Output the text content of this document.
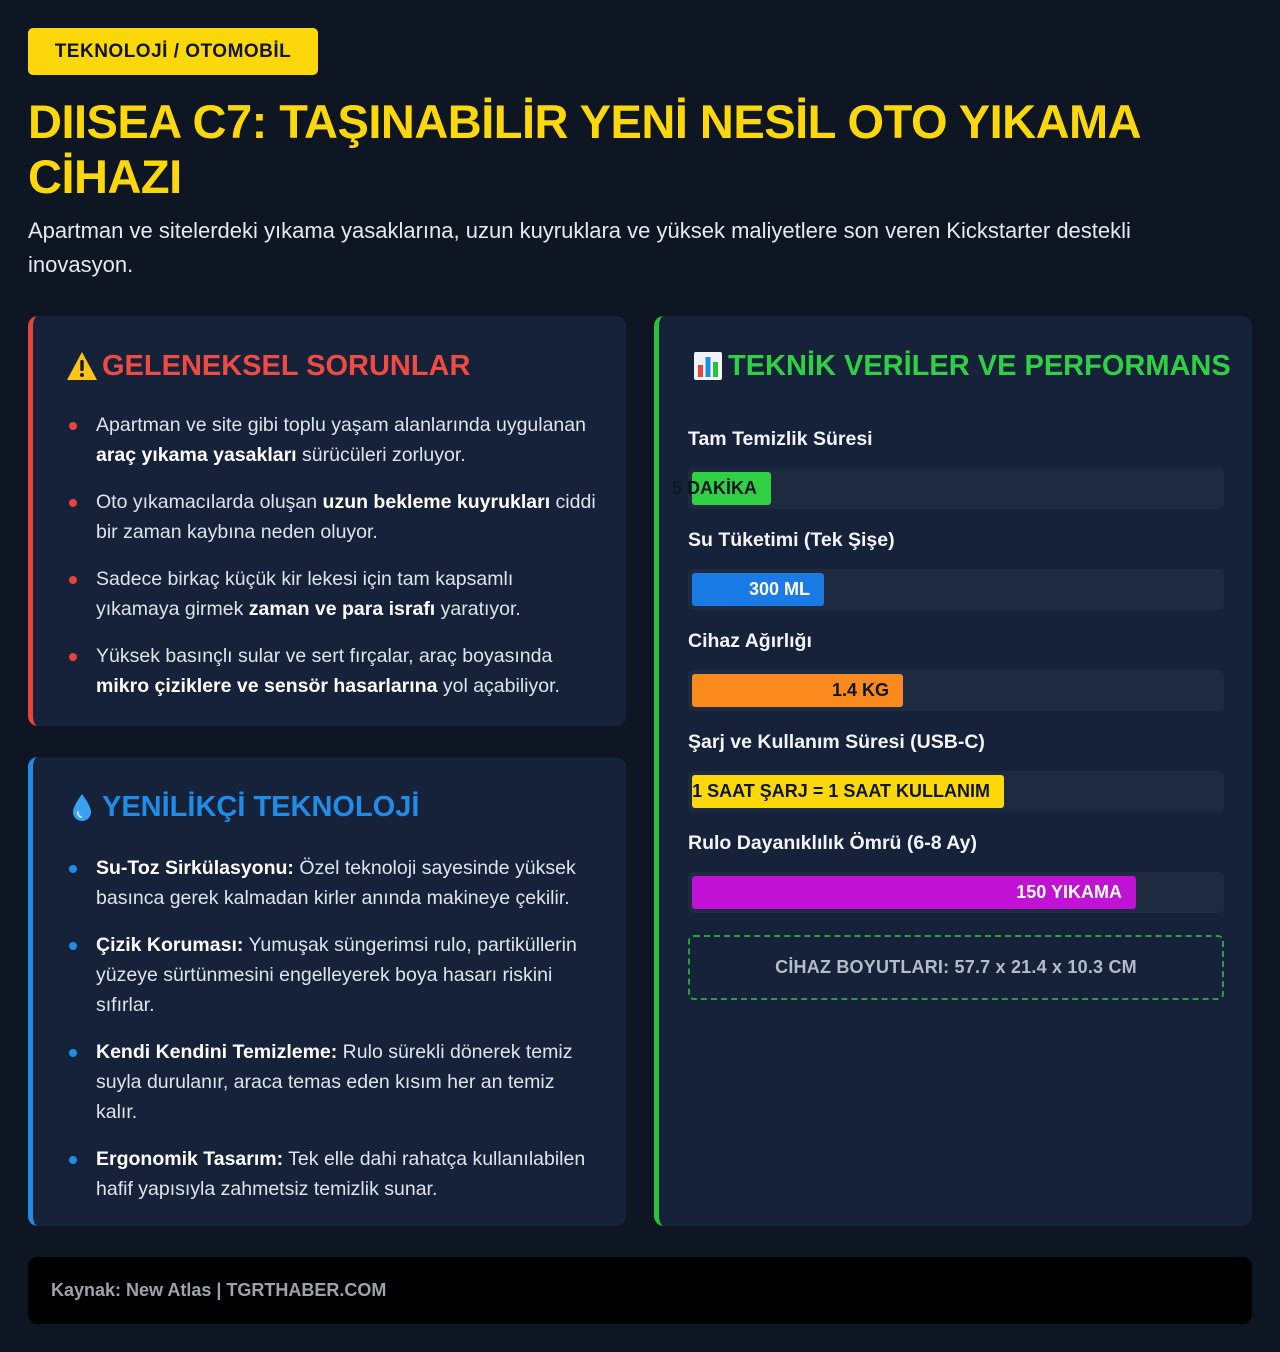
TEKNOLOJİ / OTOMOBİL
DIISEA C7: TAŞINABİLİR YENİ NESİL OTO YIKAMA CİHAZI

Apartman ve sitelerdeki yıkama yasaklarına, uzun kuyruklara ve yüksek maliyetlere son veren Kickstarter destekli inovasyon.

GELENEKSEL SORUNLAR
Apartman ve site gibi toplu yaşam alanlarında uygulanan araç yıkama yasakları sürücüleri zorluyor.
Oto yıkamacılarda oluşan uzun bekleme kuyrukları ciddi bir zaman kaybına neden oluyor.
Sadece birkaç küçük kir lekesi için tam kapsamlı yıkamaya girmek zaman ve para israfı yaratıyor.
Yüksek basınçlı sular ve sert fırçalar, araç boyasında mikro çiziklere ve sensör hasarlarına yol açabiliyor.
YENİLİKÇİ TEKNOLOJİ
Su-Toz Sirkülasyonu: Özel teknoloji sayesinde yüksek basınca gerek kalmadan kirler anında makineye çekilir.
Çizik Koruması: Yumuşak süngerimsi rulo, partiküllerin yüzeye sürtünmesini engelleyerek boya hasarı riskini sıfırlar.
Kendi Kendini Temizleme: Rulo sürekli dönerek temiz suyla durulanır, araca temas eden kısım her an temiz kalır.
Ergonomik Tasarım: Tek elle dahi rahatça kullanılabilen hafif yapısıyla zahmetsiz temizlik sunar.
TEKNİK VERİLER VE PERFORMANS
Tam Temizlik Süresi
5 DAKİKA
Su Tüketimi (Tek Şişe)
300 ML
Cihaz Ağırlığı
1.4 KG
Şarj ve Kullanım Süresi (USB-C)
1 SAAT ŞARJ = 1 SAAT KULLANIM
Rulo Dayanıklılık Ömrü (6-8 Ay)
150 YIKAMA
CİHAZ BOYUTLARI: 57.7 x 21.4 x 10.3 CM
Kaynak: New Atlas | TGRTHABER.COM
